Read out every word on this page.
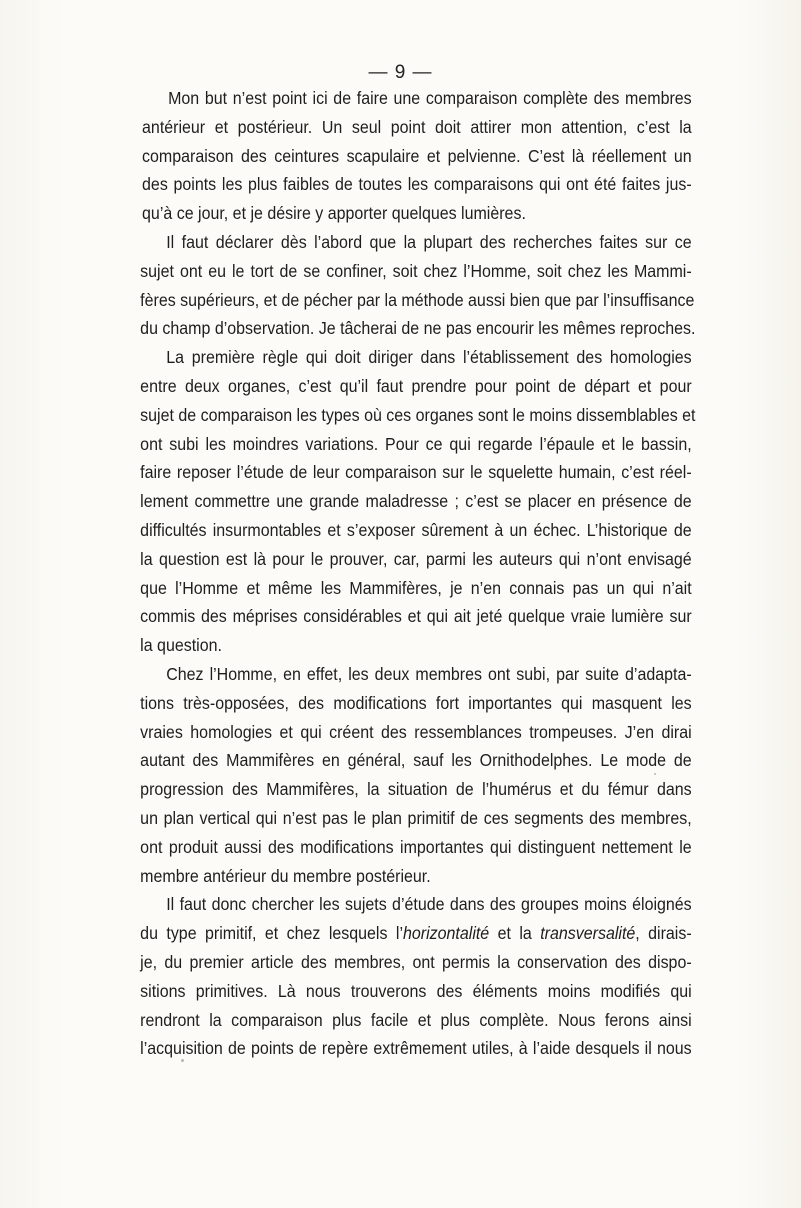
— 9 —

Mon but n’est point ici de faire une comparaison complète des membres
antérieur et postérieur. Un seul point doit attirer mon attention, c’est la
comparaison des ceintures scapulaire et pelvienne. C’est là réellement un
des points les plus faibles de toutes les comparaisons qui ont été faites jus-
qu’à ce jour, et je désire y apporter quelques lumières.

Il faut déclarer dès l’abord que la plupart des recherches faites sur ce
sujet ont eu le tort de se confiner, soit chez l’Homme, soit chez les Mammi-
fères supérieurs, et de pécher par la méthode aussi bien que par l’insuffisance
du champ d’observation. Je tâcherai de ne pas encourir les mêmes reproches.

La première règle qui doit diriger dans l’établissement des homologies
entre deux organes, c’est qu’il faut prendre pour point de départ et pour
sujet de comparaison les types où ces organes sont le moins dissemblables et
ont subi les moindres variations. Pour ce qui regarde l’épaule et le bassin,
faire reposer l’étude de leur comparaison sur le squelette humain, c’est réel-
lement commettre une grande maladresse ; c’est se placer en présence de
difficultés insurmontables et s’exposer sûrement à un échec. L’historique de
la question est là pour le prouver, car, parmi les auteurs qui n’ont envisagé
que l’Homme et même les Mammifères, je n’en connais pas un qui n’ait
commis des méprises considérables et qui ait jeté quelque vraie lumière sur
la question.

Chez l’Homme, en effet, les deux membres ont subi, par suite d’adapta-
tions très-opposées, des modifications fort importantes qui masquent les
vraies homologies et qui créent des ressemblances trompeuses. J’en dirai
autant des Mammifères en général, sauf les Ornithodelphes. Le mode de
progression des Mammifères, la situation de l’humérus et du fémur dans
un plan vertical qui n’est pas le plan primitif de ces segments des membres,
ont produit aussi des modifications importantes qui distinguent nettement le
membre antérieur du membre postérieur.

Il faut donc chercher les sujets d’étude dans des groupes moins éloignés
du type primitif, et chez lesquels l’horizontalité et la transversalité, dirais-
je, du premier article des membres, ont permis la conservation des dispo-
sitions primitives. Là nous trouverons des éléments moins modifiés qui
rendront la comparaison plus facile et plus complète. Nous ferons ainsi
l’acquisition de points de repère extrêmement utiles, à l’aide desquels il nous
